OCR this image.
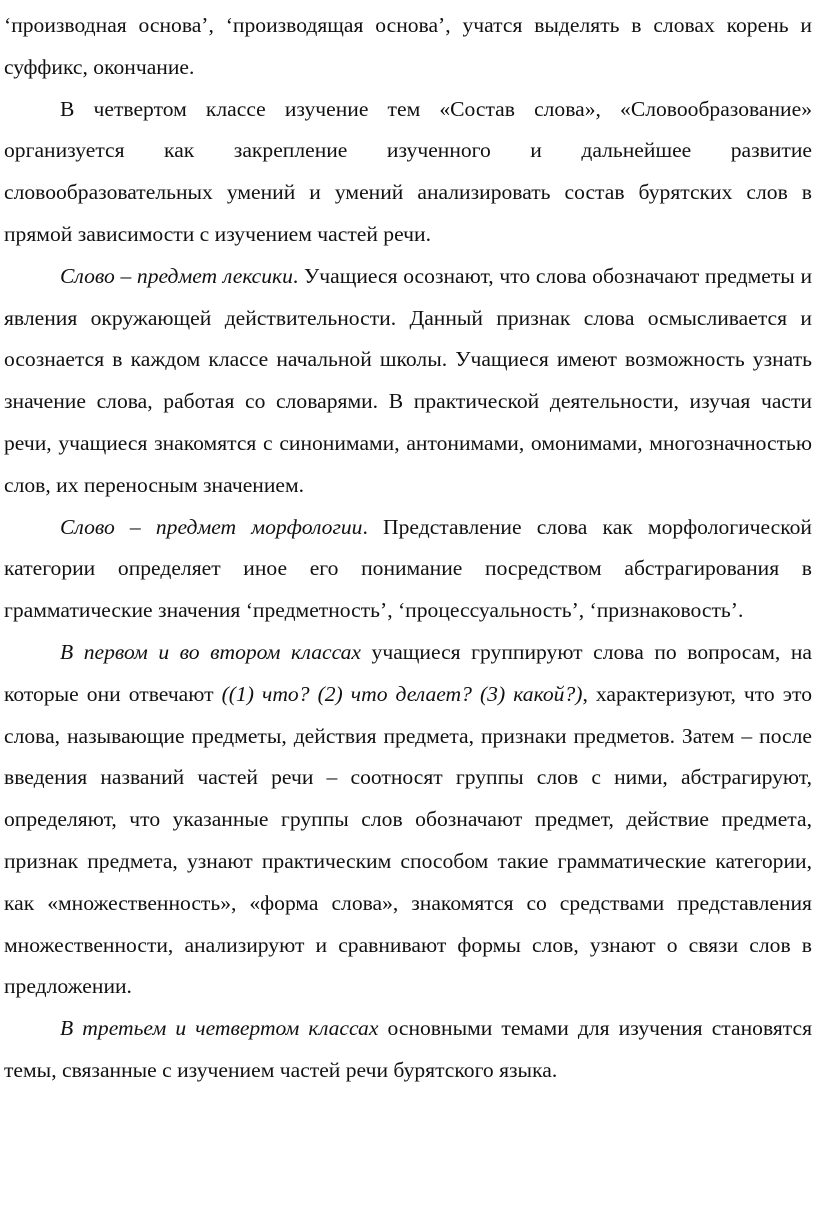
‘производная основа’, ‘производящая основа’, учатся выделять в словах корень и суффикс, окончание.

В четвертом классе изучение тем «Состав слова», «Словообразование» организуется как закрепление изученного и дальнейшее развитие словообразовательных умений и умений анализировать состав бурятских слов в прямой зависимости с изучением частей речи.

Слово – предмет лексики. Учащиеся осознают, что слова обозначают предметы и явления окружающей действительности. Данный признак слова осмысливается и осознается в каждом классе начальной школы. Учащиеся имеют возможность узнать значение слова, работая со словарями. В практической деятельности, изучая части речи, учащиеся знакомятся с синонимами, антонимами, омонимами, многозначностью слов, их переносным значением.

Слово – предмет морфологии. Представление слова как морфологической категории определяет иное его понимание посредством абстрагирования в грамматические значения ‘предметность’, ‘процессуальность’, ‘признаковость’.

В первом и во втором классах учащиеся группируют слова по вопросам, на которые они отвечают ((1) что? (2) что делает? (3) какой?), характеризуют, что это слова, называющие предметы, действия предмета, признаки предметов. Затем – после введения названий частей речи – соотносят группы слов с ними, абстрагируют, определяют, что указанные группы слов обозначают предмет, действие предмета, признак предмета, узнают практическим способом такие грамматические категории, как «множественность», «форма слова», знакомятся со средствами представления множественности, анализируют и сравнивают формы слов, узнают о связи слов в предложении.

В третьем и четвертом классах основными темами для изучения становятся темы, связанные с изучением частей речи бурятского языка.
